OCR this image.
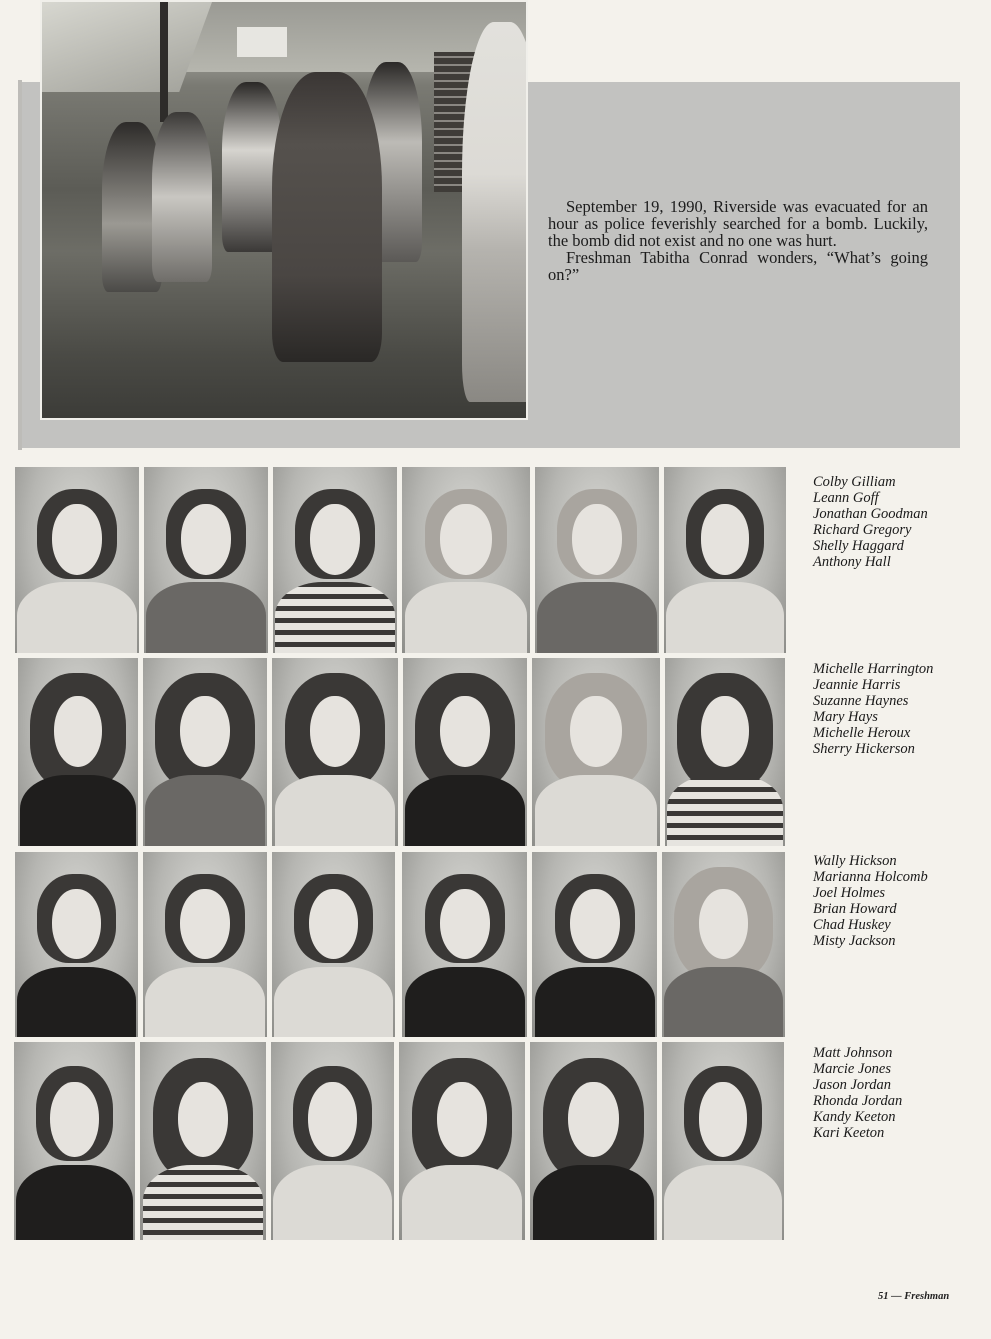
September 19, 1990, Riverside was evacuated for an hour as police feverishly searched for a bomb. Luckily, the bomb did not exist and no one was hurt.

Freshman Tabitha Conrad wonders, “What’s going on?”

Colby Gilliam
Leann Goff
Jonathan Goodman
Richard Gregory
Shelly Haggard
Anthony Hall
Michelle Harrington
Jeannie Harris
Suzanne Haynes
Mary Hays
Michelle Heroux
Sherry Hickerson
Wally Hickson
Marianna Holcomb
Joel Holmes
Brian Howard
Chad Huskey
Misty Jackson
Matt Johnson
Marcie Jones
Jason Jordan
Rhonda Jordan
Kandy Keeton
Kari Keeton
51 — Freshman
